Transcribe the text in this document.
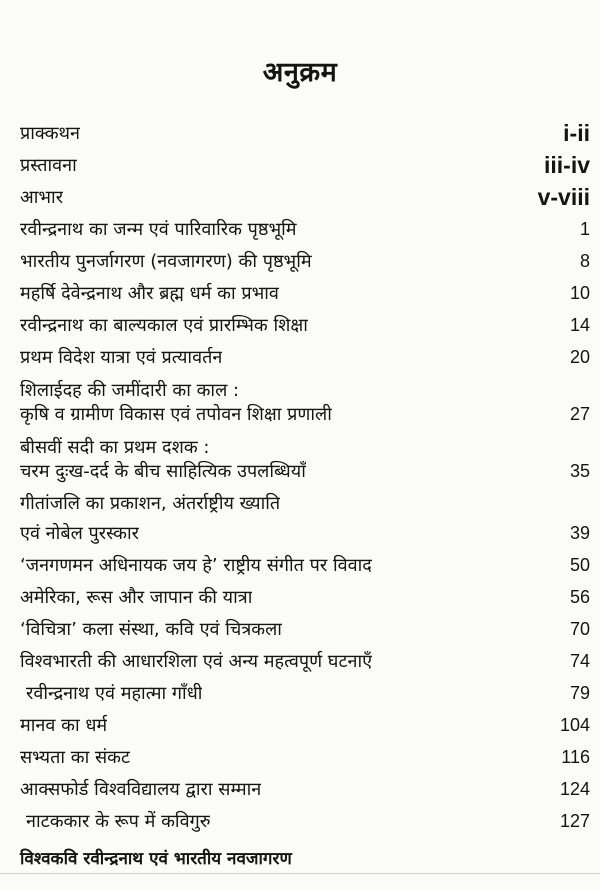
अनुक्रम
प्राक्कथन	i-ii
प्रस्तावना	iii-iv
आभार	v-viii
रवीन्द्रनाथ का जन्म एवं पारिवारिक पृष्ठभूमि	1
भारतीय पुनर्जागरण (नवजागरण) की पृष्ठभूमि	8
महर्षि देवेन्द्रनाथ और ब्रह्म धर्म का प्रभाव	10
रवीन्द्रनाथ का बाल्यकाल एवं प्रारम्भिक शिक्षा	14
प्रथम विदेश यात्रा एवं प्रत्यावर्तन	20
शिलाईदह की जमींदारी का काल :
कृषि व ग्रामीण विकास एवं तपोवन शिक्षा प्रणाली	27
बीसवीं सदी का प्रथम दशक :
चरम दुःख-दर्द के बीच साहित्यिक उपलब्धियाँ	35
गीतांजलि का प्रकाशन, अंतर्राष्ट्रीय ख्याति
एवं नोबेल पुरस्कार	39
‘जनगणमन अधिनायक जय हे’ राष्ट्रीय संगीत पर विवाद	50
अमेरिका, रूस और जापान की यात्रा	56
‘विचित्रा’ कला संस्था, कवि एवं चित्रकला	70
विश्वभारती की आधारशिला एवं अन्य महत्वपूर्ण घटनाएँ	74
रवीन्द्रनाथ एवं महात्मा गाँधी	79
मानव का धर्म	104
सभ्यता का संकट	116
आक्सफोर्ड विश्वविद्यालय द्वारा सम्मान	124
नाटककार के रूप में कविगुरु	127
विश्वकवि रवीन्द्रनाथ एवं भारतीय नवजागरण
